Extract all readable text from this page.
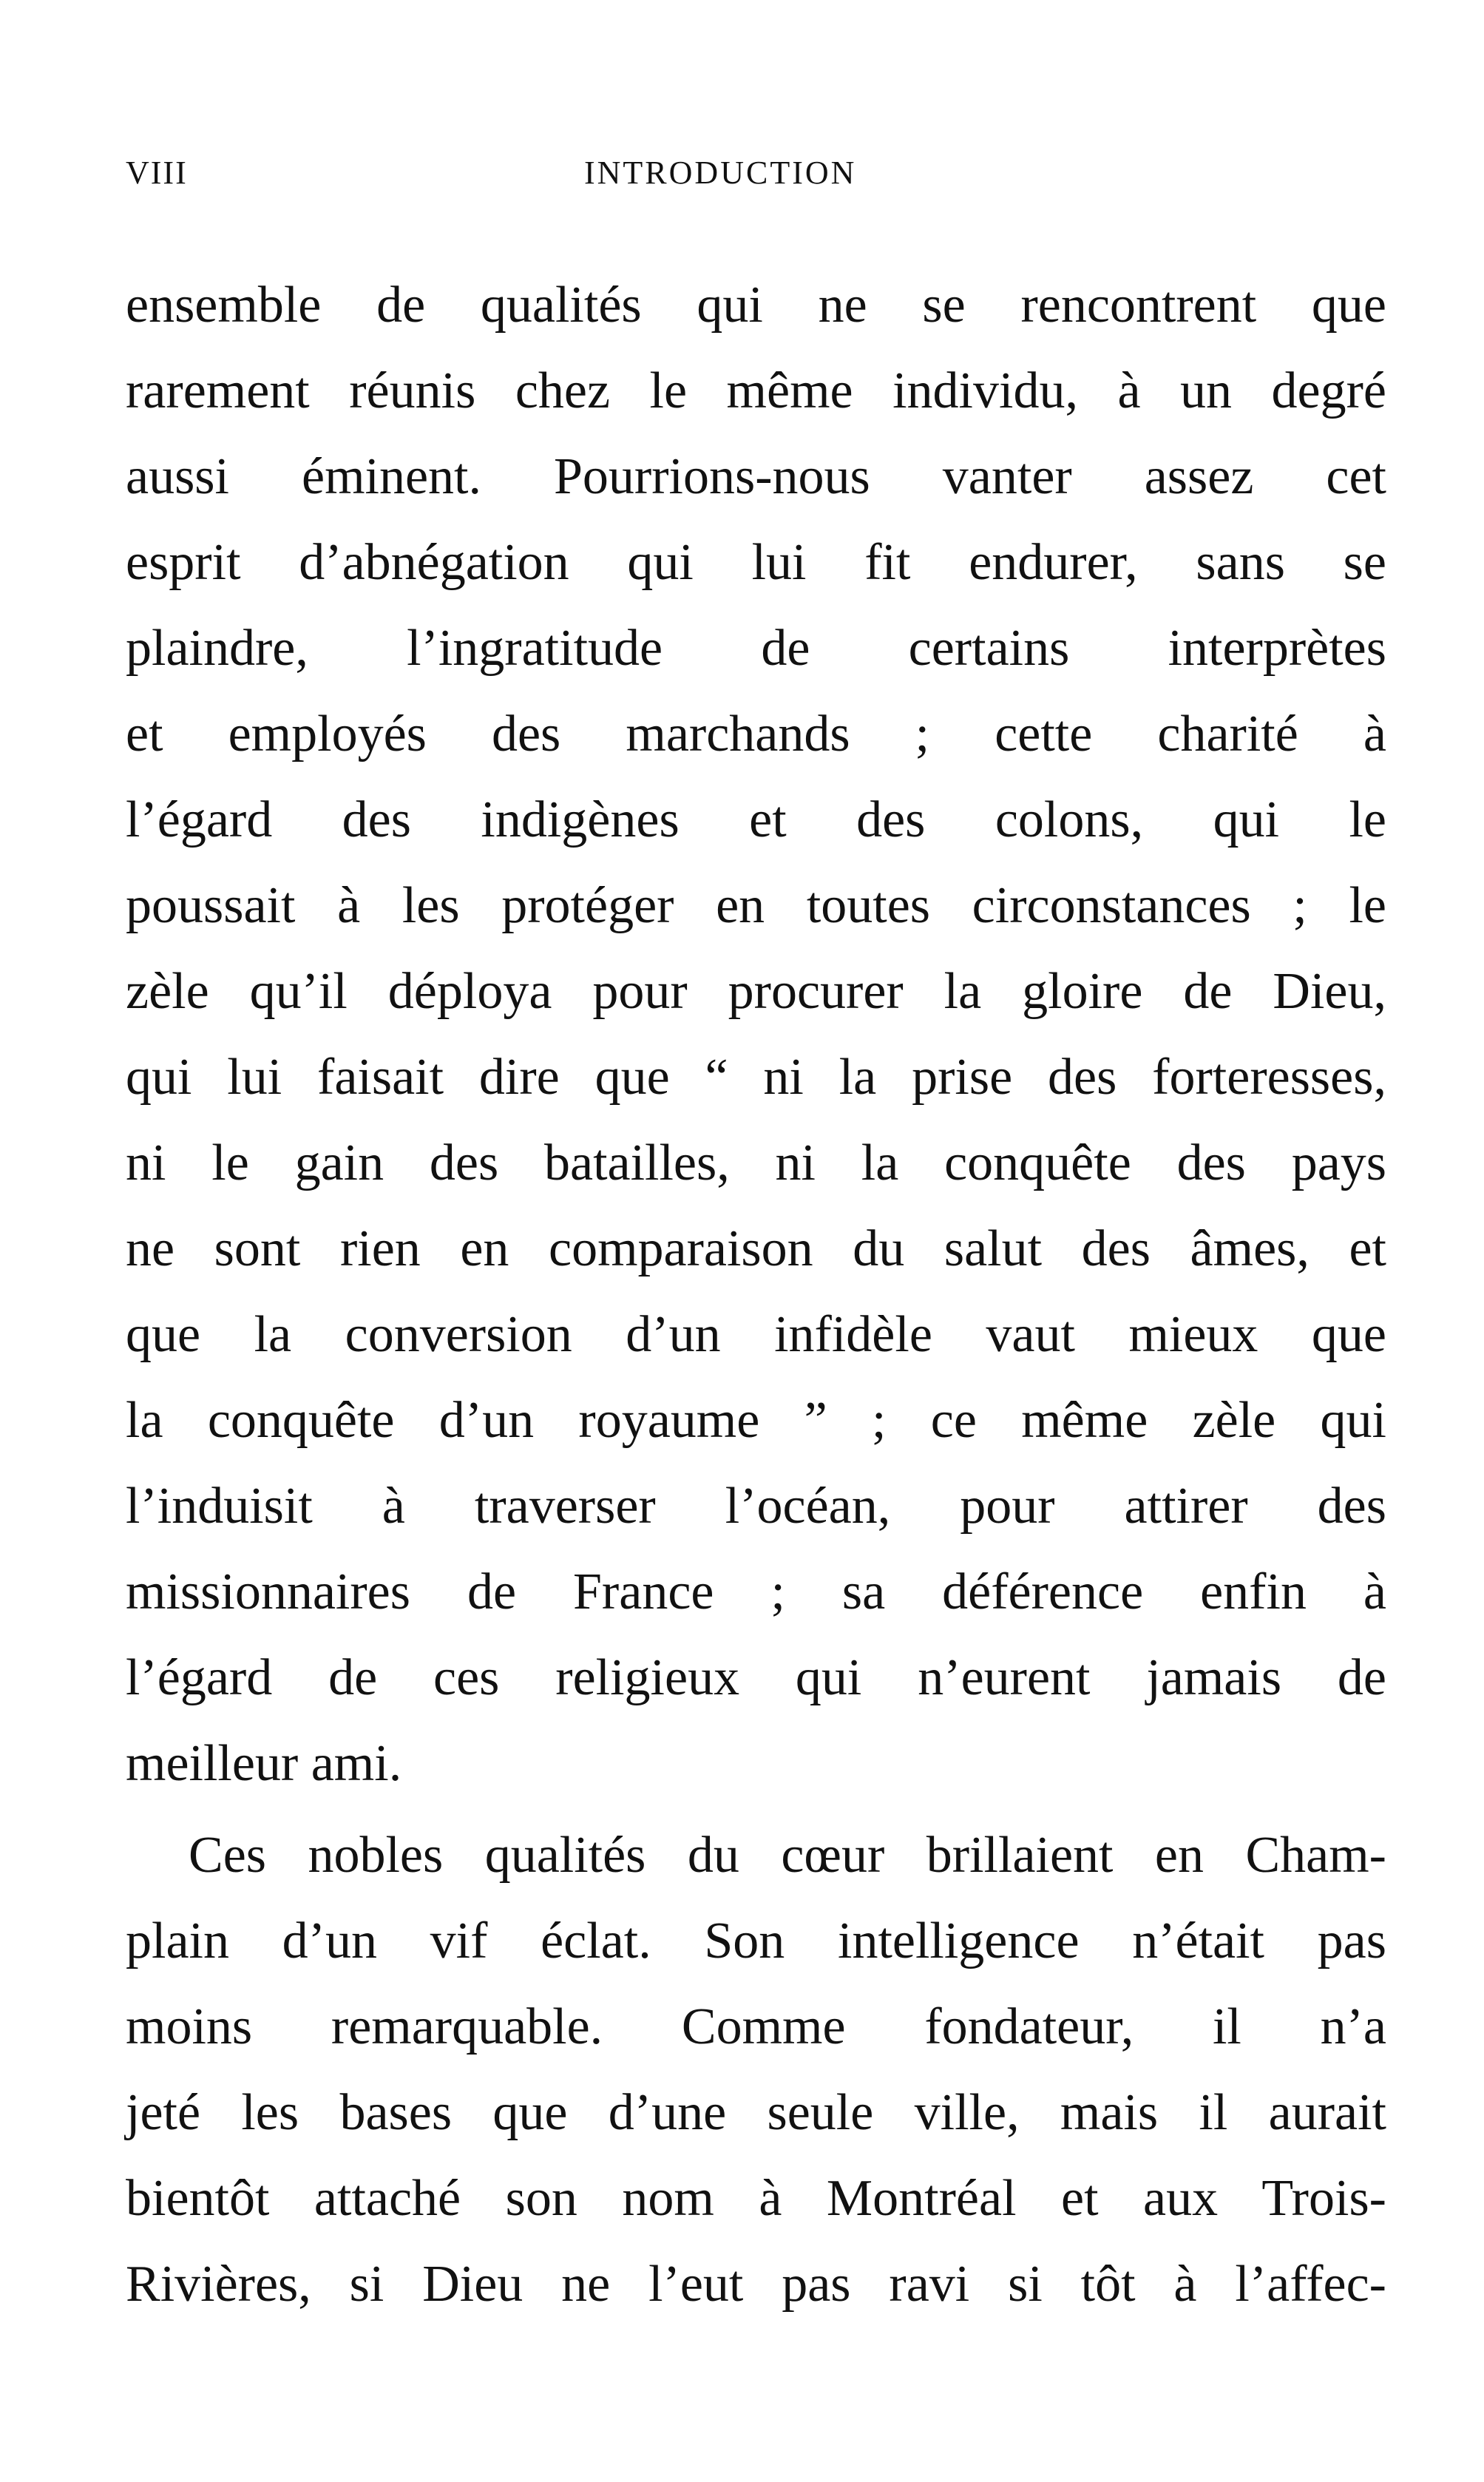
VIII	INTRODUCTION
ensemble de qualités qui ne se rencontrent que
rarement réunis chez le même individu, à un degré
aussi éminent. Pourrions-nous vanter assez cet
esprit d’abnégation qui lui fit endurer, sans se
plaindre, l’ingratitude de certains interprètes
et employés des marchands ; cette charité à
l’égard des indigènes et des colons, qui le
poussait à les protéger en toutes circonstances ; le
zèle qu’il déploya pour procurer la gloire de Dieu,
qui lui faisait dire que “ ni la prise des forteresses,
ni le gain des batailles, ni la conquête des pays
ne sont rien en comparaison du salut des âmes, et
que la conversion d’un infidèle vaut mieux que
la conquête d’un royaume ” ; ce même zèle qui
l’induisit à traverser l’océan, pour attirer des
missionnaires de France ; sa déférence enfin à
l’égard de ces religieux qui n’eurent jamais de
meilleur ami.
Ces nobles qualités du cœur brillaient en Cham-
plain d’un vif éclat. Son intelligence n’était pas
moins remarquable. Comme fondateur, il n’a
jeté les bases que d’une seule ville, mais il aurait
bientôt attaché son nom à Montréal et aux Trois-
Rivières, si Dieu ne l’eut pas ravi si tôt à l’affec-
